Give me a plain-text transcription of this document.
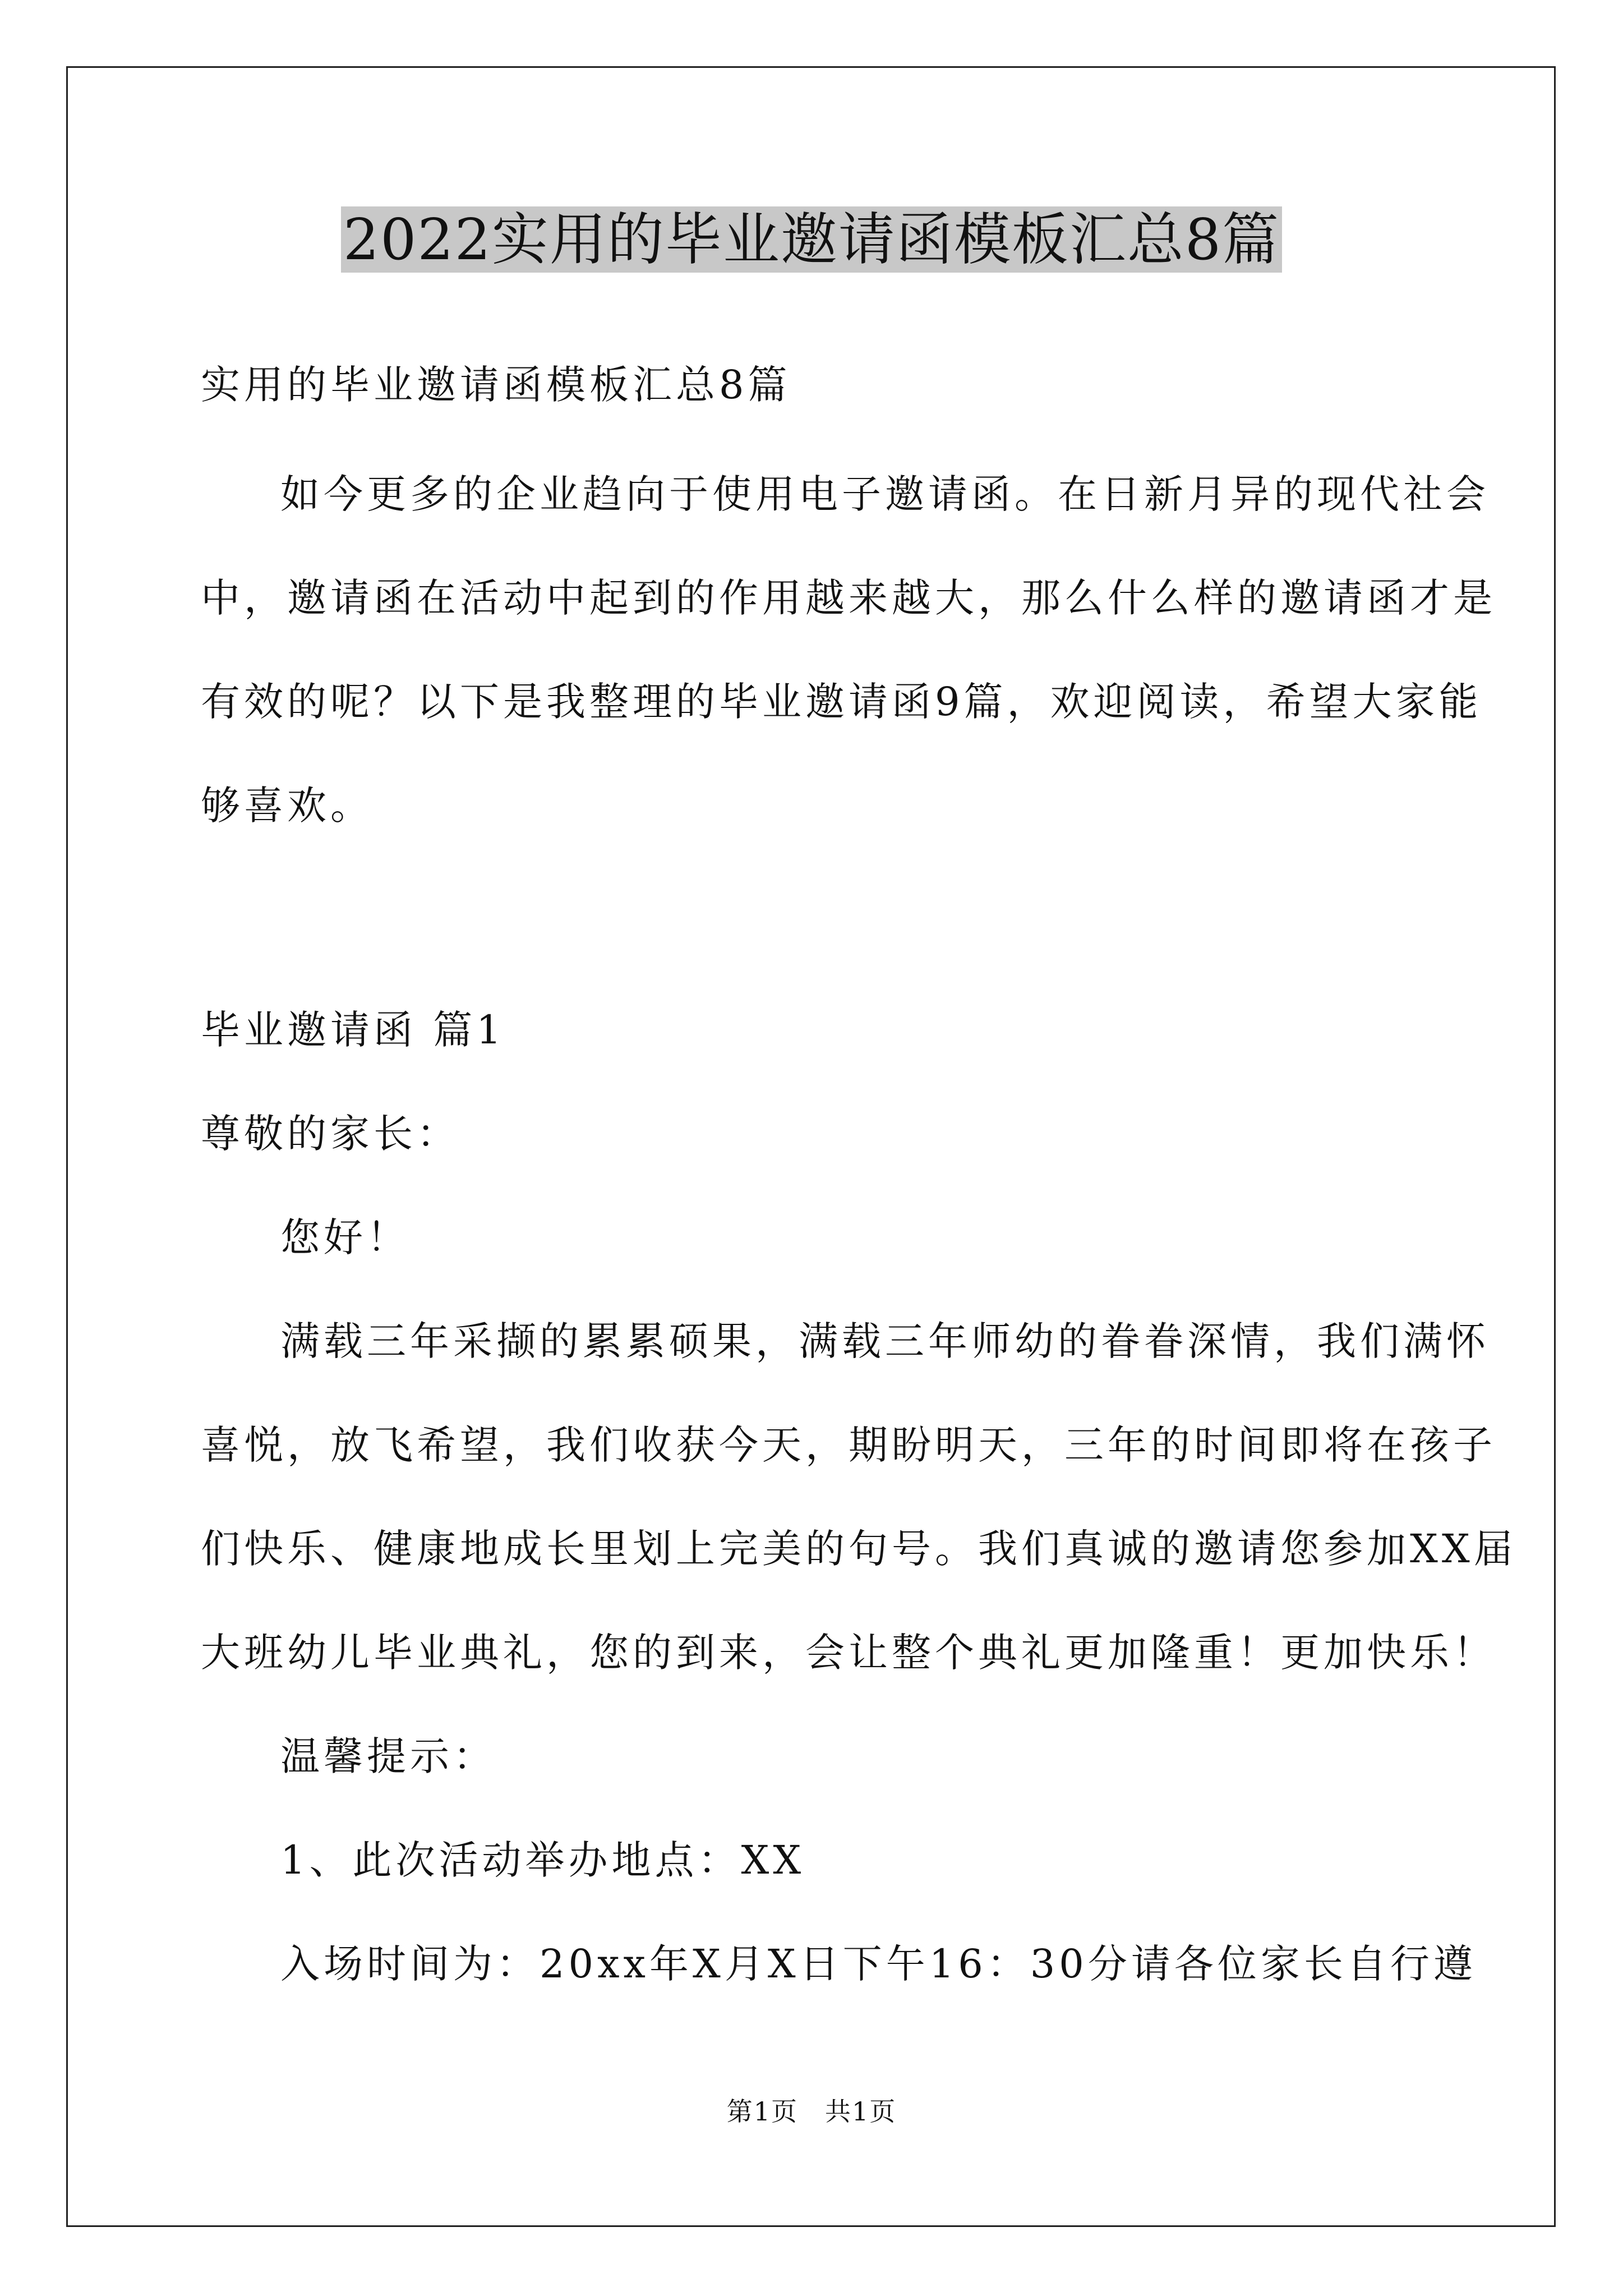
2022实用的毕业邀请函模板汇总8篇
实用的毕业邀请函模板汇总8篇
如今更多的企业趋向于使用电子邀请函。在日新月异的现代社会
中，邀请函在活动中起到的作用越来越大，那么什么样的邀请函才是
有效的呢？以下是我整理的毕业邀请函9篇，欢迎阅读，希望大家能
够喜欢。
毕业邀请函 篇1
尊敬的家长：
您好！
满载三年采撷的累累硕果，满载三年师幼的眷眷深情，我们满怀
喜悦，放飞希望，我们收获今天，期盼明天，三年的时间即将在孩子
们快乐、健康地成长里划上完美的句号。我们真诚的邀请您参加XX届
大班幼儿毕业典礼，您的到来，会让整个典礼更加隆重！更加快乐！
温馨提示：
1、此次活动举办地点：XX
入场时间为：20xx年X月X日下午16：30分请各位家长自行遵
第1页　共1页
